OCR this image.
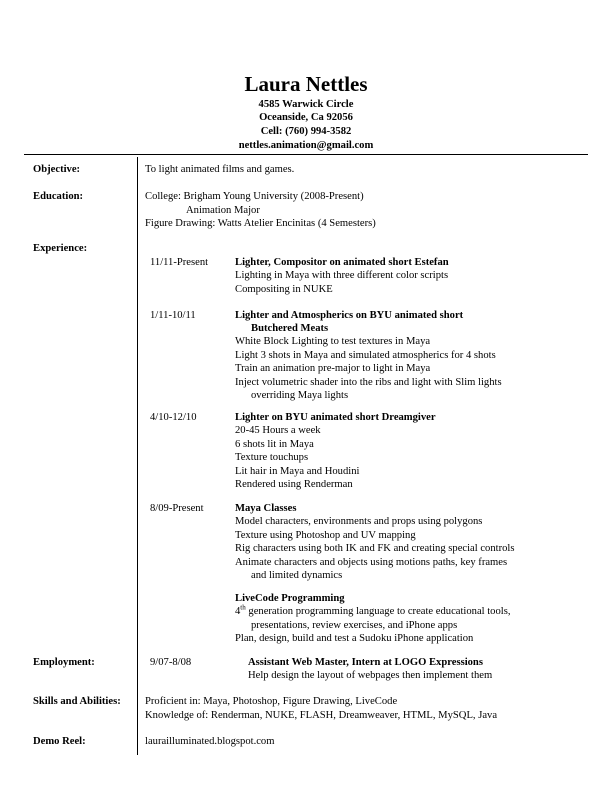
Laura Nettles
4585 Warwick Circle
Oceanside, Ca 92056
Cell: (760) 994-3582
nettles.animation@gmail.com
Objective:	To light animated films and games.
Education:	College: Brigham Young University (2008-Present)
Animation Major
Figure Drawing: Watts Atelier Encinitas (4 Semesters)
Experience:
11/11-Present	Lighter, Compositor on animated short Estefan
Lighting in Maya with three different color scripts
Compositing in NUKE
1/11-10/11	Lighter and Atmospherics on BYU animated short
Butchered Meats
White Block Lighting to test textures in Maya
Light 3 shots in Maya and simulated atmospherics for 4 shots
Train an animation pre-major to light in Maya
Inject volumetric shader into the ribs and light with Slim lights
overriding Maya lights
4/10-12/10	Lighter on BYU animated short Dreamgiver
20-45 Hours a week
6 shots lit in Maya
Texture touchups
Lit hair in Maya and Houdini
Rendered using Renderman
8/09-Present	Maya Classes
Model characters, environments and props using polygons
Texture using Photoshop and UV mapping
Rig characters using both IK and FK and creating special controls
Animate characters and objects using motions paths, key frames
and limited dynamics
LiveCode Programming
4th generation programming language to create educational tools,
presentations, review exercises, and iPhone apps
Plan, design, build and test a Sudoku iPhone application
Employment:	9/07-8/08	Assistant Web Master, Intern at LOGO Expressions
Help design the layout of webpages then implement them
Skills and Abilities: Proficient in: Maya, Photoshop, Figure Drawing, LiveCode
Knowledge of: Renderman, NUKE, FLASH, Dreamweaver, HTML, MySQL, Java
Demo Reel:	laurailluminated.blogspot.com
